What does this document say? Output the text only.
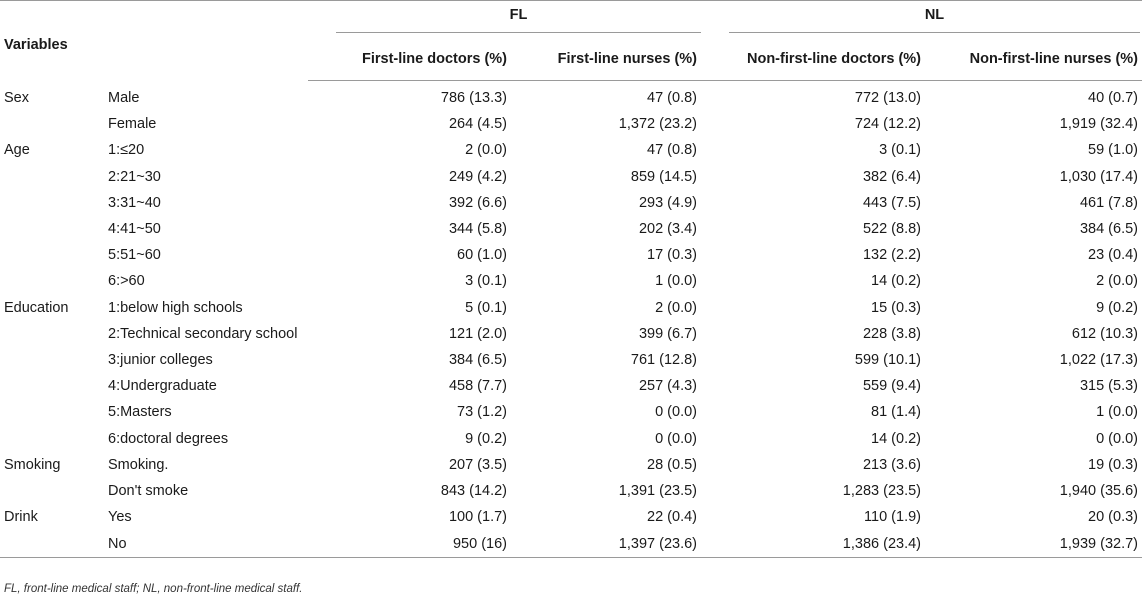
Variables		FL		NL	

		First-line doctors (%)	First-line nurses (%)	Non-first-line doctors (%)	Non-first-line nurses (%)
Sex	Male	786 (13.3)	47 (0.8)	772 (13.0)	40 (0.7)
	Female	264 (4.5)	1,372 (23.2)	724 (12.2)	1,919 (32.4)
Age	1:≤20	2 (0.0)	47 (0.8)	3 (0.1)	59 (1.0)
	2:21~30	249 (4.2)	859 (14.5)	382 (6.4)	1,030 (17.4)
	3:31~40	392 (6.6)	293 (4.9)	443 (7.5)	461 (7.8)
	4:41~50	344 (5.8)	202 (3.4)	522 (8.8)	384 (6.5)
	5:51~60	60 (1.0)	17 (0.3)	132 (2.2)	23 (0.4)
	6:>60	3 (0.1)	1 (0.0)	14 (0.2)	2 (0.0)
Education	1:below high schools	5 (0.1)	2 (0.0)	15 (0.3)	9 (0.2)
	2:Technical secondary school	121 (2.0)	399 (6.7)	228 (3.8)	612 (10.3)
	3:junior colleges	384 (6.5)	761 (12.8)	599 (10.1)	1,022 (17.3)
	4:Undergraduate	458 (7.7)	257 (4.3)	559 (9.4)	315 (5.3)
	5:Masters	73 (1.2)	0 (0.0)	81 (1.4)	1 (0.0)
	6:doctoral degrees	9 (0.2)	0 (0.0)	14 (0.2)	0 (0.0)
Smoking	Smoking.	207 (3.5)	28 (0.5)	213 (3.6)	19 (0.3)
	Don't smoke	843 (14.2)	1,391 (23.5)	1,283 (23.5)	1,940 (35.6)
Drink	Yes	100 (1.7)	22 (0.4)	110 (1.9)	20 (0.3)
	No	950 (16)	1,397 (23.6)	1,386 (23.4)	1,939 (32.7)
FL, front-line medical staff; NL, non-front-line medical staff.
